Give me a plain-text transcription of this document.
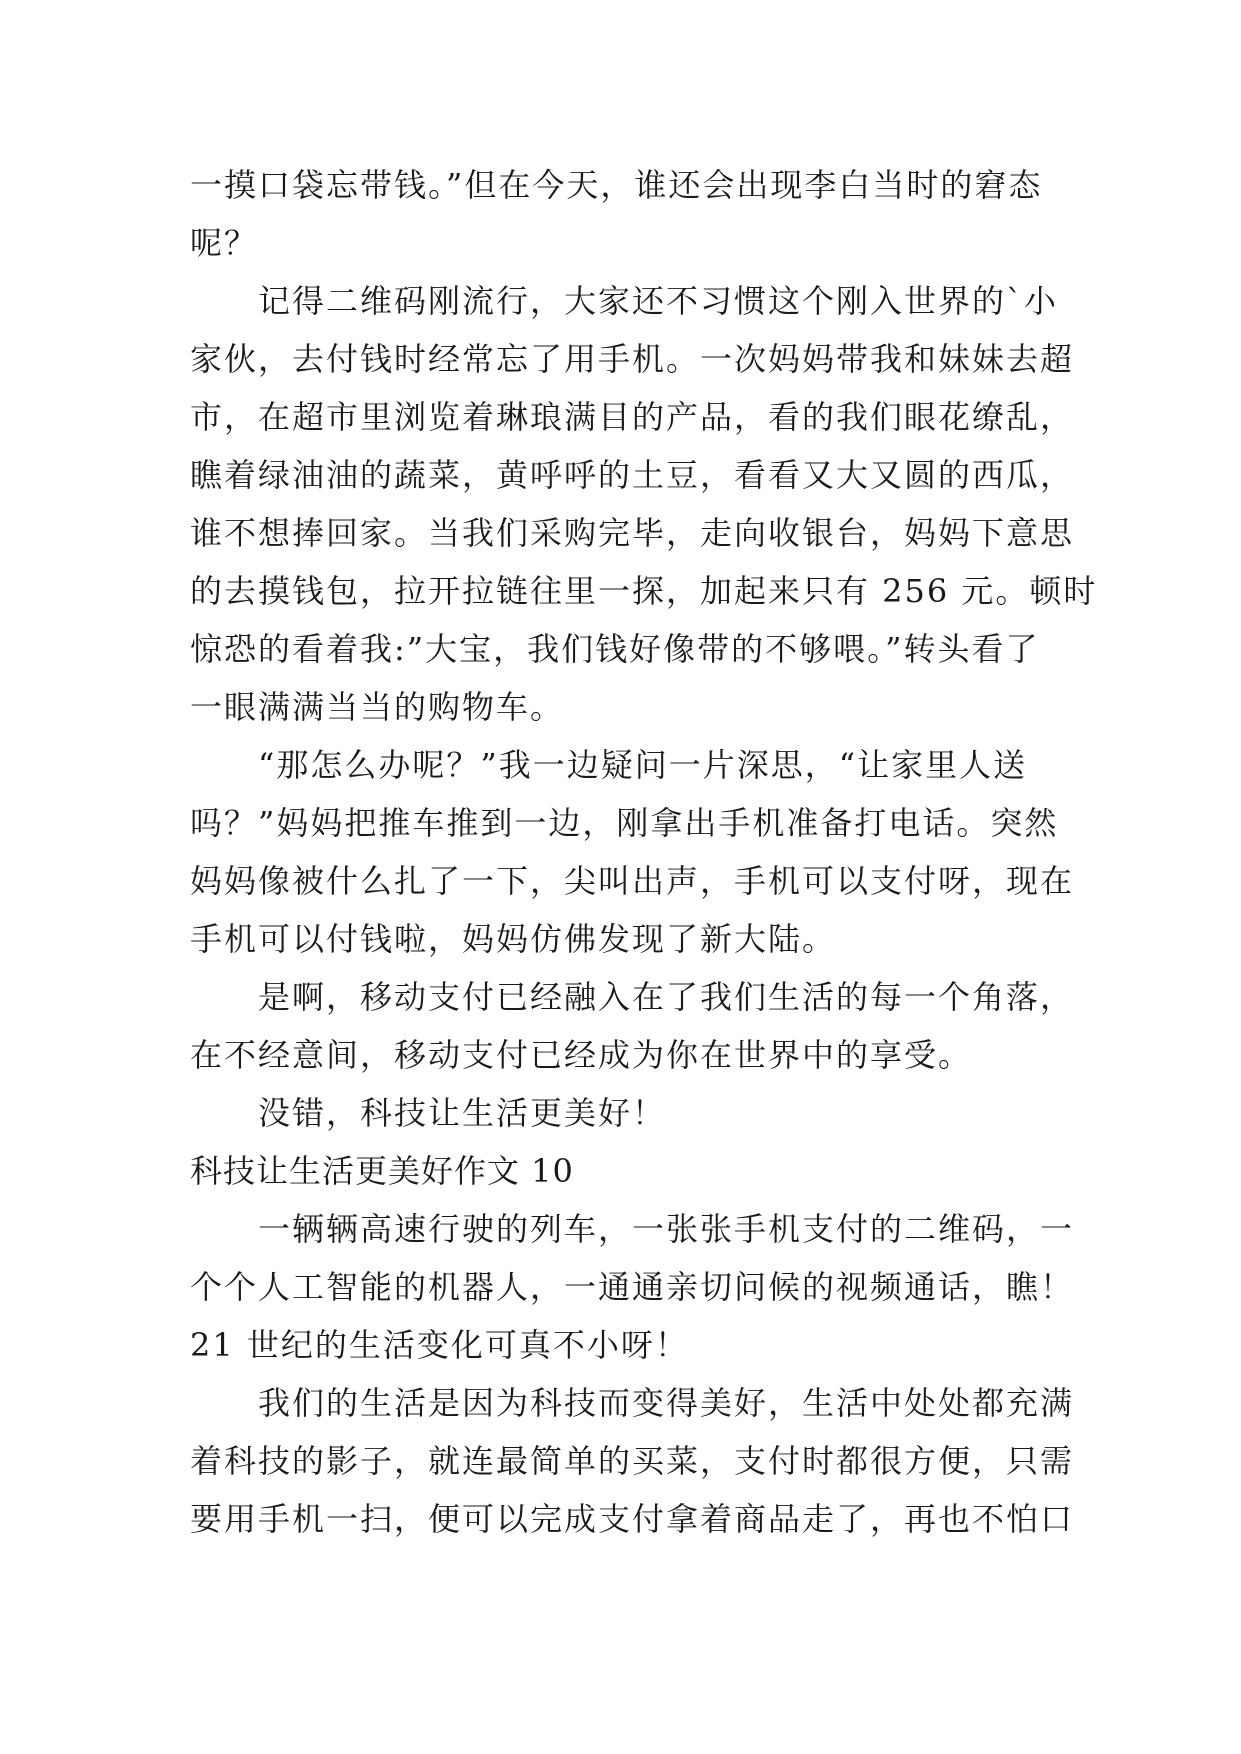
一摸口袋忘带钱。”但在今天，谁还会出现李白当时的窘态
呢？
　　记得二维码刚流行，大家还不习惯这个刚入世界的`小
家伙，去付钱时经常忘了用手机。一次妈妈带我和妹妹去超
市，在超市里浏览着琳琅满目的产品，看的我们眼花缭乱，
瞧着绿油油的蔬菜，黄呼呼的土豆，看看又大又圆的西瓜，
谁不想捧回家。当我们采购完毕，走向收银台，妈妈下意思
的去摸钱包，拉开拉链往里一探，加起来只有 256 元。顿时
惊恐的看着我:”大宝，我们钱好像带的不够喂。”转头看了
一眼满满当当的购物车。
　　“那怎么办呢？”我一边疑问一片深思，“让家里人送
吗？”妈妈把推车推到一边，刚拿出手机准备打电话。突然
妈妈像被什么扎了一下，尖叫出声，手机可以支付呀，现在
手机可以付钱啦，妈妈仿佛发现了新大陆。
　　是啊，移动支付已经融入在了我们生活的每一个角落，
在不经意间，移动支付已经成为你在世界中的享受。
　　没错，科技让生活更美好！
科技让生活更美好作文 10
　　一辆辆高速行驶的列车，一张张手机支付的二维码，一
个个人工智能的机器人，一通通亲切问候的视频通话，瞧！
21 世纪的生活变化可真不小呀！
　　我们的生活是因为科技而变得美好，生活中处处都充满
着科技的影子，就连最简单的买菜，支付时都很方便，只需
要用手机一扫，便可以完成支付拿着商品走了，再也不怕口
